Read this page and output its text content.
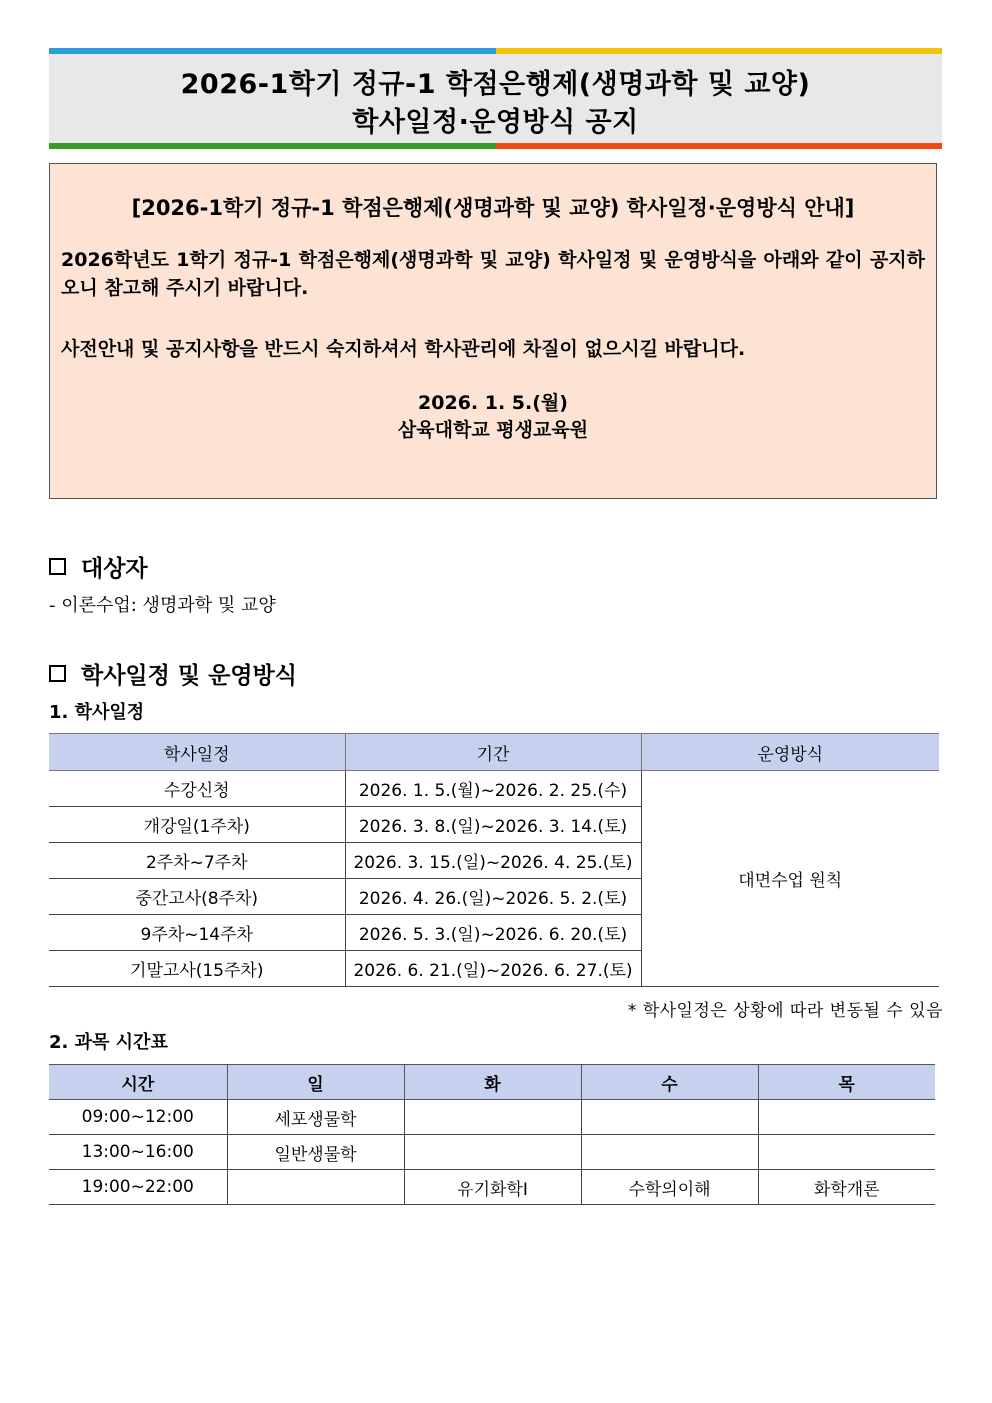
2026-1학기 정규-1 학점은행제(생명과학 및 교양)
학사일정·운영방식 공지
[2026-1학기 정규-1 학점은행제(생명과학 및 교양) 학사일정·운영방식 안내]
2026학년도 1학기 정규-1 학점은행제(생명과학 및 교양) 학사일정 및 운영방식을 아래와 같이 공지하오니 참고해 주시기 바랍니다.
사전안내 및 공지사항을 반드시 숙지하셔서 학사관리에 차질이 없으시길 바랍니다.
2026. 1. 5.(월)
삼육대학교 평생교육원
대상자
- 이론수업: 생명과학 및 교양
학사일정 및 운영방식
1. 학사일정
학사일정	기간	운영방식
수강신청	2026. 1. 5.(월)~2026. 2. 25.(수)	대면수업 원칙
개강일(1주차)	2026. 3. 8.(일)~2026. 3. 14.(토)	
2주차~7주차	2026. 3. 15.(일)~2026. 4. 25.(토)	
중간고사(8주차)	2026. 4. 26.(일)~2026. 5. 2.(토)	
9주차~14주차	2026. 5. 3.(일)~2026. 6. 20.(토)	
기말고사(15주차)	2026. 6. 21.(일)~2026. 6. 27.(토)	
* 학사일정은 상황에 따라 변동될 수 있음
2. 과목 시간표
시간	일	화	수	목
09:00~12:00	세포생물학			
13:00~16:00	일반생물학			
19:00~22:00		유기화학Ⅰ	수학의이해	화학개론
